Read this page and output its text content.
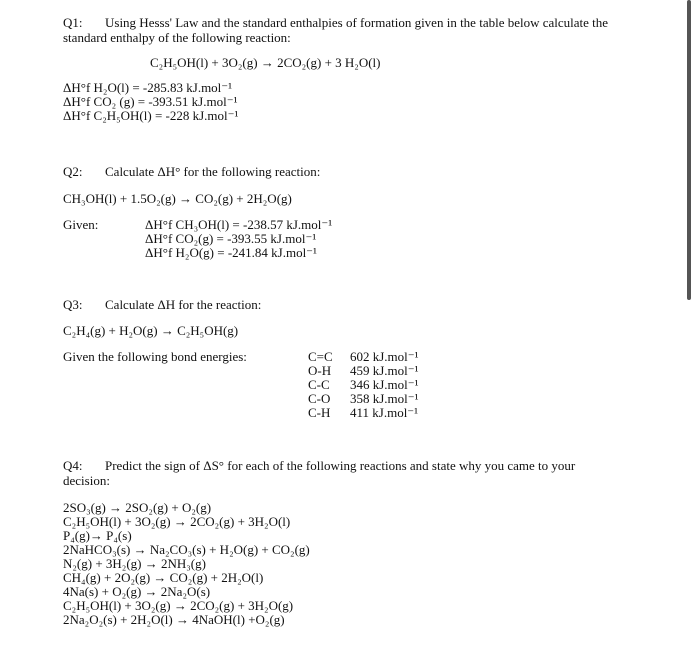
Q1: Using Hesss' Law and the standard enthalpies of formation given in the table below calculate the
standard enthalpy of the following reaction:
C₂H₅OH(l) + 3O₂(g) → 2CO₂(g) + 3 H₂O(l)
ΔH°f H₂O(l) = -285.83 kJ.mol⁻¹
ΔH°f CO₂ (g) = -393.51 kJ.mol⁻¹
ΔH°f C₂H₅OH(l) = -228 kJ.mol⁻¹
Q2: Calculate ΔH° for the following reaction:
CH₃OH(l) + 1.5O₂(g) → CO₂(g) + 2H₂O(g)
Given:	ΔH°f CH₃OH(l) = -238.57 kJ.mol⁻¹
ΔH°f CO₂(g) = -393.55 kJ.mol⁻¹
ΔH°f H₂O(g) = -241.84 kJ.mol⁻¹
Q3: Calculate ΔH for the reaction:
C₂H₄(g) + H₂O(g) → C₂H₅OH(g)
Given the following bond energies:	C=C
O-H
C-C
C-O
C-H
602 kJ.mol⁻¹
459 kJ.mol⁻¹
346 kJ.mol⁻¹
358 kJ.mol⁻¹
411 kJ.mol⁻¹
Q4: Predict the sign of ΔS° for each of the following reactions and state why you came to your
decision:
2SO₃(g) → 2SO₂(g) + O₂(g)
C₂H₅OH(l) + 3O₂(g) → 2CO₂(g) + 3H₂O(l)
P₄(g)→ P₄(s)
2NaHCO₃(s) → Na₂CO₃(s) + H₂O(g) + CO₂(g)
N₂(g) + 3H₂(g) → 2NH₃(g)
CH₄(g) + 2O₂(g) → CO₂(g) + 2H₂O(l)
4Na(s) + O₂(g) → 2Na₂O(s)
C₂H₅OH(l) + 3O₂(g) → 2CO₂(g) + 3H₂O(g)
2Na₂O₂(s) + 2H₂O(l) → 4NaOH(l) +O₂(g)
